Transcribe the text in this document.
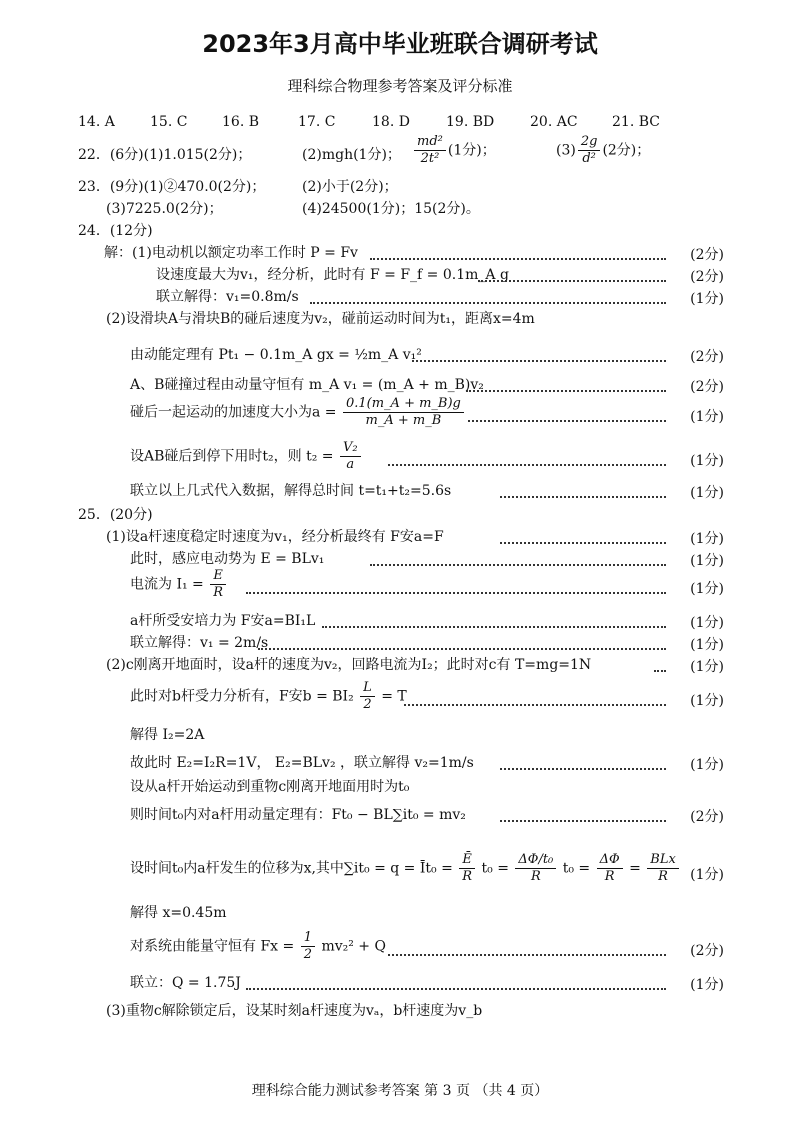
2023年3月高中毕业班联合调研考试
理科综合物理参考答案及评分标准
14. A	15. C 16. B	17. C	18. D	19. BD	20. AC 21. BC
22．(6分)(1)1.015(2分)；	(2)mgh(1分)； $\frac{\text{md²}}{\text{2t²}} (1$分)；	$(3) \frac{2g}{\text{d²}} (2$分)；
23．(9分)(1)②470.0(2分)；	(2)小于(2分)；
(3)7225.0(2分)；	(4)24500(1分)；15(2分)。
24．(12分)
解：(1)电动机以额定功率工作时 P = Fv	(2分)
设速度最大为v₁，经分析，此时有 F = F_f = 0.1m_A g	(2分)
联立解得：v₁=0.8m/s	(1分)
(2)设滑块A与滑块B的碰后速度为v₂，碰前运动时间为t₁，距离x=4m
由动能定理有 Pt₁ − 0.1m_A gx = ½m_A v₁²	(2分)
A、B碰撞过程由动量守恒有 m_A v₁ = (m_A + m_B)v₂	(2分)
碰后一起运动的加速度大小为$a = \frac{0.1(m\_A + m\_B)g}{m\_A + m\_B}$	(1分)
设AB碰后到停下用时t₂，则 $t_2 = \frac{\text{V₂}}{a}$	(1分)
联立以上几式代入数据，解得总时间 t=t₁+t₂=5.6s	(1分)
25．(20分)
(1)设a杆速度稳定时速度为v₁，经分析最终有 F安a=F	(1分)
此时，感应电动势为 E = BLv₁	(1分)
电流为 $I_1 = \frac{E}{R}$	(1分)
a杆所受安培力为 F安a=BI₁L	(1分)
联立解得：v₁ = 2m/s	(1分)
(2)c刚离开地面时，设a杆的速度为v₂，回路电流为I₂；此时对c有 T=mg=1N	(1分)
此时对b杆受力分析有，F安$b = BI_2 \frac{L}{2} = T$	(1分)
解得 I₂=2A
故此时 E₂=I₂R=1V， E₂=BLv₂ ，联立解得 v₂=1m/s	(1分)
设从a杆开始运动到重物c刚离开地面用时为t₀
则时间t₀内对a杆用动量定理有：Ft₀ − BL∑it₀ = mv₂	(2分)
设时间t₀内a杆发生的位移为x,其中∑it₀ = q = Īt₀ = $\frac{Ē}{R} t_0 = \frac{\text{ΔΦ/t₀}}{R} t_0 = \frac{\Delta\Phi}{R} = \frac{\text{BLx}}{R} (1$分)
解得 x=0.45m
对系统由能量守恒有 $Fx = \frac{1}{2} mv_2^2 + Q$	(2分)
联立：Q = 1.75J	(1分)
(3)重物c解除锁定后，设某时刻a杆速度为vₐ，b杆速度为v_b
理科综合能力测试参考答案 第 3 页 （共 4 页）
